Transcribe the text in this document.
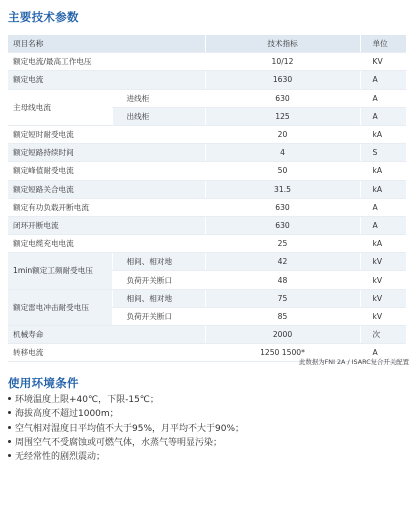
主要技术参数
项目名称		技术指标	单位
额定电流/最高工作电压		10/12	KV
额定电流		1630	A
主母线电流	进线柜	630	A
	出线柜	125	A
额定短时耐受电流		20	kA
额定短路持续时间		4	S
额定峰值耐受电流		50	kA
额定短路关合电流		31.5	kA
额定有功负载开断电流		630	A
闭环开断电流		630	A
额定电缆充电电流		25	kA
1min额定工频耐受电压	相间、相对地	42	kV
	负荷开关断口	48	kV
额定雷电冲击耐受电压	相间、相对地	75	kV
	负荷开关断口	85	kV
机械寿命		2000	次
转移电流		1250 1500*	A
此数据为FNI 2A / ISARC复合开关配置
使用环境条件
环境温度上限+40℃，下限-15℃；
海拔高度不超过1000m；
空气相对湿度日平均值不大于95%，月平均不大于90%；
周围空气不受腐蚀或可燃气体，水蒸气等明显污染；
无经常性的剧烈震动；
